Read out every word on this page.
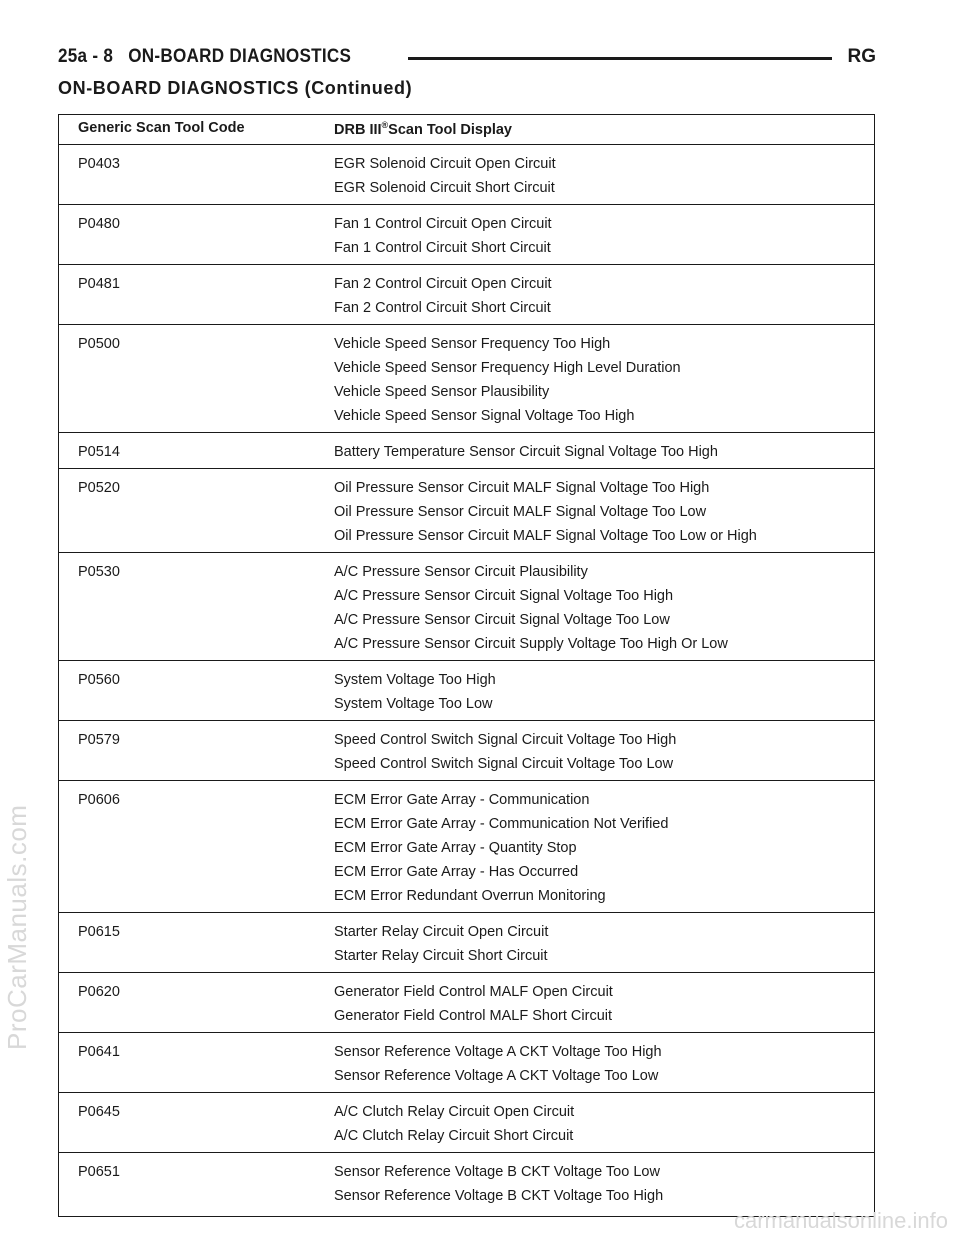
25a - 8 ON-BOARD DIAGNOSTICS	RG
ON-BOARD DIAGNOSTICS (Continued)
Generic Scan Tool Code	DRB III®Scan Tool Display

P0403	EGR Solenoid Circuit Open Circuit
EGR Solenoid Circuit Short Circuit

P0480	Fan 1 Control Circuit Open Circuit
Fan 1 Control Circuit Short Circuit

P0481	Fan 2 Control Circuit Open Circuit
Fan 2 Control Circuit Short Circuit

P0500	Vehicle Speed Sensor Frequency Too High
Vehicle Speed Sensor Frequency High Level Duration
Vehicle Speed Sensor Plausibility
Vehicle Speed Sensor Signal Voltage Too High

P0514	Battery Temperature Sensor Circuit Signal Voltage Too High

P0520	Oil Pressure Sensor Circuit MALF Signal Voltage Too High
Oil Pressure Sensor Circuit MALF Signal Voltage Too Low
Oil Pressure Sensor Circuit MALF Signal Voltage Too Low or High

P0530	A/C Pressure Sensor Circuit Plausibility
A/C Pressure Sensor Circuit Signal Voltage Too High
A/C Pressure Sensor Circuit Signal Voltage Too Low
A/C Pressure Sensor Circuit Supply Voltage Too High Or Low

P0560	System Voltage Too High
System Voltage Too Low

P0579	Speed Control Switch Signal Circuit Voltage Too High
Speed Control Switch Signal Circuit Voltage Too Low

P0606	ECM Error Gate Array - Communication
ECM Error Gate Array - Communication Not Verified
ECM Error Gate Array - Quantity Stop
ECM Error Gate Array - Has Occurred
ECM Error Redundant Overrun Monitoring

P0615	Starter Relay Circuit Open Circuit
Starter Relay Circuit Short Circuit

P0620	Generator Field Control MALF Open Circuit
Generator Field Control MALF Short Circuit

P0641	Sensor Reference Voltage A CKT Voltage Too High
Sensor Reference Voltage A CKT Voltage Too Low

P0645	A/C Clutch Relay Circuit Open Circuit
A/C Clutch Relay Circuit Short Circuit

P0651	Sensor Reference Voltage B CKT Voltage Too Low
Sensor Reference Voltage B CKT Voltage Too High
ProCarManuals.com
carmanualsonline.info
